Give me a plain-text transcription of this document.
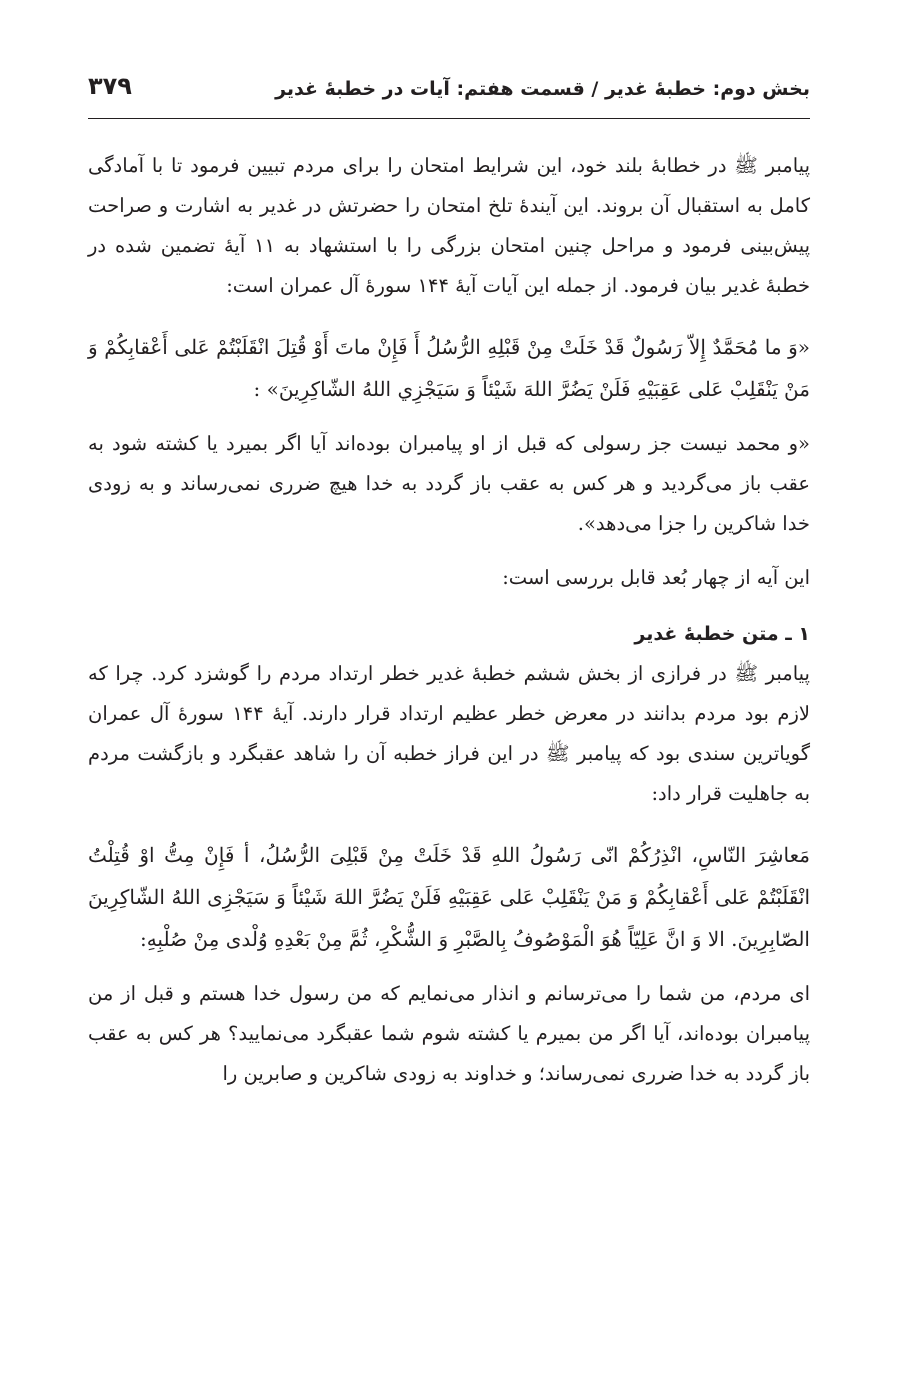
بخش دوم: خطبهٔ غدیر / قسمت هفتم: آیات در خطبهٔ غدیر
۳۷۹

پیامبر ﷺ در خطابهٔ بلند خود، این شرایط امتحان را برای مردم تبیین فرمود تا با آمادگی کامل به استقبال آن بروند. این آیندهٔ تلخ امتحان را حضرتش در غدیر به اشارت و صراحت پیش‌بینی فرمود و مراحل چنین امتحان بزرگی را با استشهاد به ۱۱ آیهٔ تضمین شده در خطبهٔ غدیر بیان فرمود. از جمله این آیات آیهٔ ۱۴۴ سورهٔ آل عمران است:

«وَ ما مُحَمَّدٌ إِلاّ رَسُولٌ قَدْ خَلَتْ مِنْ قَبْلِهِ الرُّسُلُ أَ فَإِنْ ماتَ أَوْ قُتِلَ انْقَلَبْتُمْ عَلى أَعْقابِكُمْ وَ مَنْ يَنْقَلِبْ عَلى عَقِبَيْهِ فَلَنْ يَضُرَّ اللهَ شَيْئاً وَ سَيَجْزِي اللهُ الشّاكِرِينَ» :

«و محمد نیست جز رسولی که قبل از او پیامبران بوده‌اند آیا اگر بمیرد یا کشته شود به عقب باز می‌گردید و هر کس به عقب باز گردد به خدا هیچ ضرری نمی‌رساند و به زودی خدا شاکرین را جزا می‌دهد».

این آیه از چهار بُعد قابل بررسی است:

۱ ـ متن خطبهٔ غدیر

پیامبر ﷺ در فرازی از بخش ششم خطبهٔ غدیر خطر ارتداد مردم را گوشزد کرد. چرا که لازم بود مردم بدانند در معرض خطر عظیم ارتداد قرار دارند. آیهٔ ۱۴۴ سورهٔ آل عمران گویاترین سندی بود که پیامبر ﷺ در این فراز خطبه آن را شاهد عقبگرد و بازگشت مردم به جاهلیت قرار داد:

مَعاشِرَ النّاسِ، انْذِرُكُمْ انّی رَسُولُ اللهِ قَدْ خَلَتْ مِنْ قَبْلِیَ الرُّسُلُ، أ فَإِنْ مِتُّ اوْ قُتِلْتُ انْقَلَبْتُمْ عَلی أَعْقابِكُمْ وَ مَنْ یَنْقَلِبْ عَلی عَقِبَیْهِ فَلَنْ یَضُرَّ اللهَ شَیْئاً وَ سَیَجْزِی اللهُ الشّاكِرِینَ الصّابِرِینَ. الا وَ انَّ عَلِیّاً هُوَ الْمَوْصُوفُ بِالصَّبْرِ وَ الشُّكْرِ، ثُمَّ مِنْ بَعْدِهِ وُلْدی مِنْ صُلْبِهِ:

ای مردم، من شما را می‌ترسانم و انذار می‌نمایم که من رسول خدا هستم و قبل از من پیامبران بوده‌اند، آیا اگر من بمیرم یا کشته شوم شما عقبگرد می‌نمایید؟ هر کس به عقب باز گردد به خدا ضرری نمی‌رساند؛ و خداوند به زودی شاکرین و صابرین را
